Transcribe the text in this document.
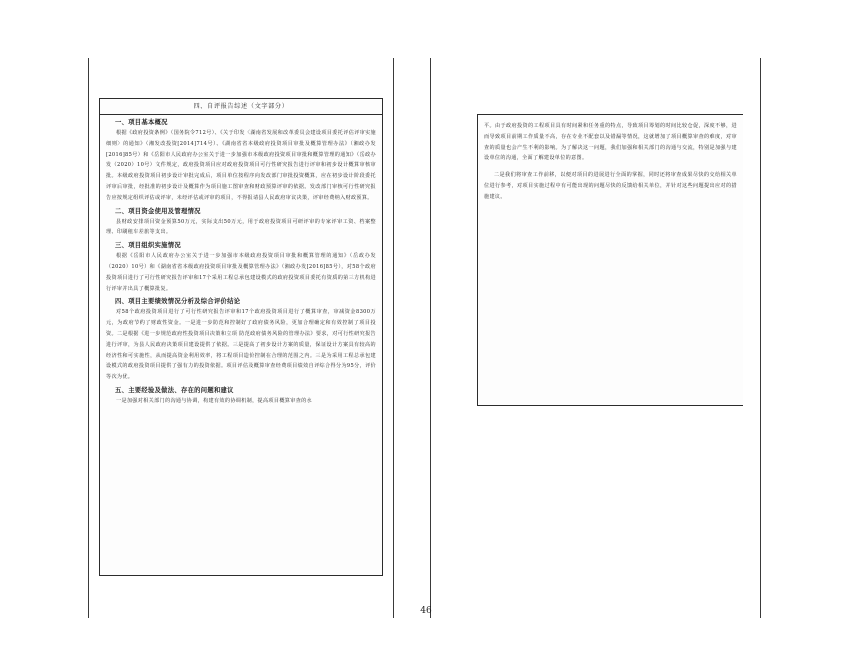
四、自评报告综述（文字部分）
一、项目基本概况

根据《政府投资条例》（国务院令712号）、《关于印发〈湖南省发展和改革委员会建设项目委托评估评审实施细则〉的通知》（湘发改投资[2014]714号）、《湖南省省本级政府投资项目审批及概算管理办法》（湘政办发[2016]85号）和《岳阳市人民政府办公室关于进一步加强市本级政府投资项目审批和概算管理的通知》（岳政办发（2020）10号）文件规定，政府投资项目应对政府投资项目可行性研究报告进行评审和初步设计概算审核审批。本级政府投资项目初步设计审批完成后，项目单位按程序向发改部门审批投资概算，应在初步设计阶段委托评审后审批，经批准的初步设计及概算作为项目施工图审查和财政预算评审的依据。发改部门审核可行性研究报告应按规定组织评估或评审，未经评估或评审的项目，不得报请县人民政府审议决策，评审经费纳入财政预算。

二、项目资金使用及管理情况

县财政安排项目资金预算50万元，实际支出50万元，用于政府投资项目可研评审的专家评审工资、档案整理、印刷租车差旅等支出。

三、项目组织实施情况

根据《岳阳市人民政府办公室关于进一步加强市本级政府投资项目审批和概算管理的通知》（岳政办发（2020）10号）和《湖南省省本级政府投资项目审批及概算管理办法》（湘政办发[2016]85号），对58个政府投资项目进行了可行性研究报告评审和17个采用工程总承包建设模式的政府投资项目委托有资质的第三方机构进行评审并出具了概算批复。

四、项目主要绩效情况分析及综合评价结论

对58个政府投资项目进行了可行性研究报告评审和17个政府投资项目进行了概算审查，审减资金8300万元，为政府节约了财政性资金。一是进一步防范和控制好了政府债务风险，更加合理确定和有效控制了项目投资。二是根据《进一步规范政府性投资项目决策和立项 防范政府债务风险的管理办法》要求，对可行性研究报告进行评审，为县人民政府决策项目建设提供了依据。三是提高了初步设计方案的质量，保证设计方案具有较高的经济性和可实施性，从而提高资金利用效率，将工程项目造价控制在合理的范围之内。三是为采用工程总承包建设模式的政府投资项目提供了强有力的投资依据。项目评估及概算审查经费项目绩效自评综合得分为95分，评价等次为优。

五、主要经验及做法、存在的问题和建议

一是加强对相关部门的沟通与协调，构建有效的协调机制，提高项目概算审查的水

平。由于政府投资的工程项目具有时间紧和任务重的特点，导致项目筹划的时间比较仓促，深度不够，进而导致项目前期工作质量不高，存在专业不配套以及错漏等情况，这就增加了项目概算审查的难度，对审查的质量也会产生不利的影响。为了解决这一问题，我们加强和相关部门的沟通与交流，特别是加强与建设单位的沟通，全面了解建设单位的意图。

二是我们将审查工作前移，以便对项目的进展进行全面的掌握，同时还将审查成果尽快的交给相关单位进行参考，对项目实施过程中有可能出现的问题尽快的反馈给相关单位，并针对这些问题提出应对的措施建议。

46
